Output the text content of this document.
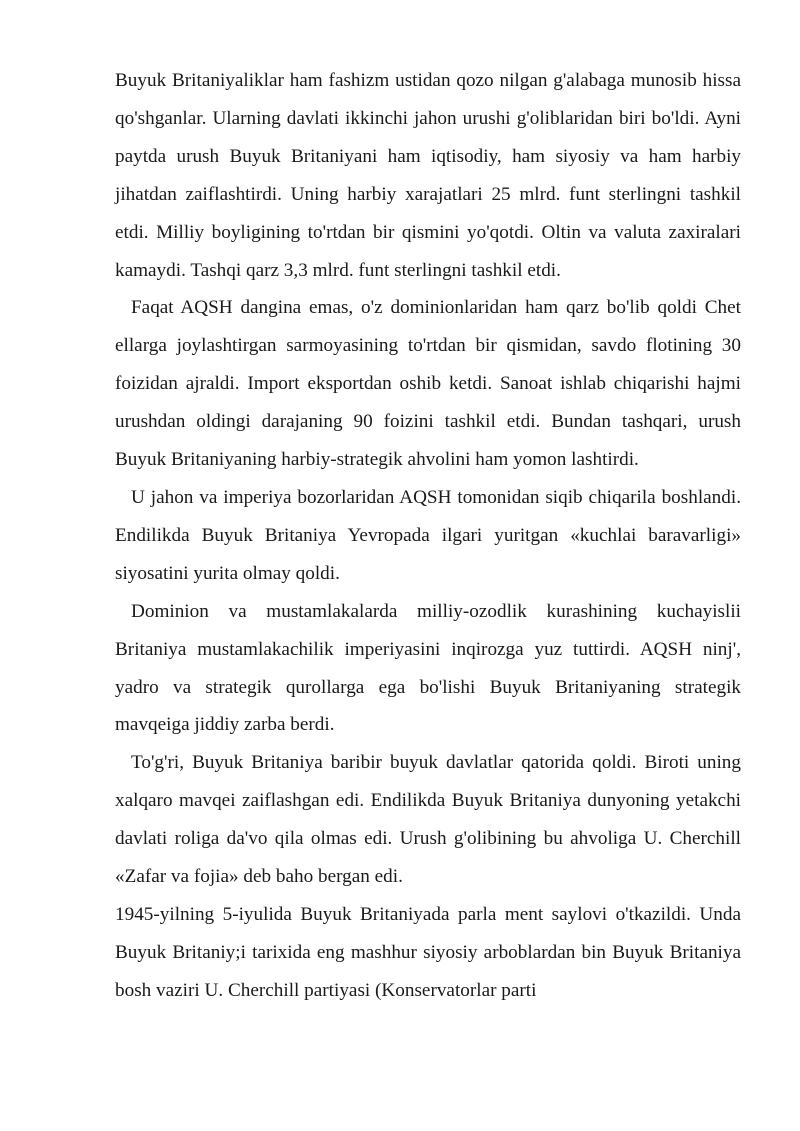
Buyuk Britaniyaliklar ham fashizm ustidan qozo nilgan g'alabaga munosib hissa qo'shganlar. Ularning davlati ikkinchi jahon urushi g'oliblaridan biri bo'ldi. Ayni paytda urush Buyuk Britaniyani ham iqtisodiy, ham siyosiy va ham harbiy jihatdan zaiflashtirdi. Uning harbiy xarajatlari 25 mlrd. funt sterlingni tashkil etdi. Milliy boyligining to'rtdan bir qismini yo'qotdi. Oltin va valuta zaxiralari kamaydi. Tashqi qarz 3,3 mlrd. funt sterlingni tashkil etdi.

Faqat AQSH dangina emas, o'z dominionlaridan ham qarz bo'lib qoldi Chet ellarga joylashtirgan sarmoyasining to'rtdan bir qismidan, savdo flotining 30 foizidan ajraldi. Import eksportdan oshib ketdi. Sanoat ishlab chiqarishi hajmi urushdan oldingi darajaning 90 foizini tashkil etdi. Bundan tashqari, urush Buyuk Britaniyaning harbiy-strategik ahvolini ham yomon lashtirdi.

U jahon va imperiya bozorlaridan AQSH tomonidan siqib chiqarila boshlandi. Endilikda Buyuk Britaniya Yevropada ilgari yuritgan «kuchlai baravarligi» siyosatini yurita olmay qoldi.

Dominion va mustamlakalarda milliy-ozodlik kurashining kuchayislii Britaniya mustamlakachilik imperiyasini inqirozga yuz tuttirdi. AQSH ninj', yadro va strategik qurollarga ega bo'lishi Buyuk Britaniyaning strategik mavqeiga jiddiy zarba berdi.

To'g'ri, Buyuk Britaniya baribir buyuk davlatlar qatorida qoldi. Biroti uning xalqaro mavqei zaiflashgan edi. Endilikda Buyuk Britaniya dunyoning yetakchi davlati roliga da'vo qila olmas edi. Urush g'olibining bu ahvoliga U. Cherchill «Zafar va fojia» deb baho bergan edi.

1945-yilning 5-iyulida Buyuk Britaniyada parla ment saylovi o'tkazildi. Unda Buyuk Britaniy;i tarixida eng mashhur siyosiy arboblardan bin Buyuk Britaniya bosh vaziri U. Cherchill partiyasi (Konservatorlar parti
